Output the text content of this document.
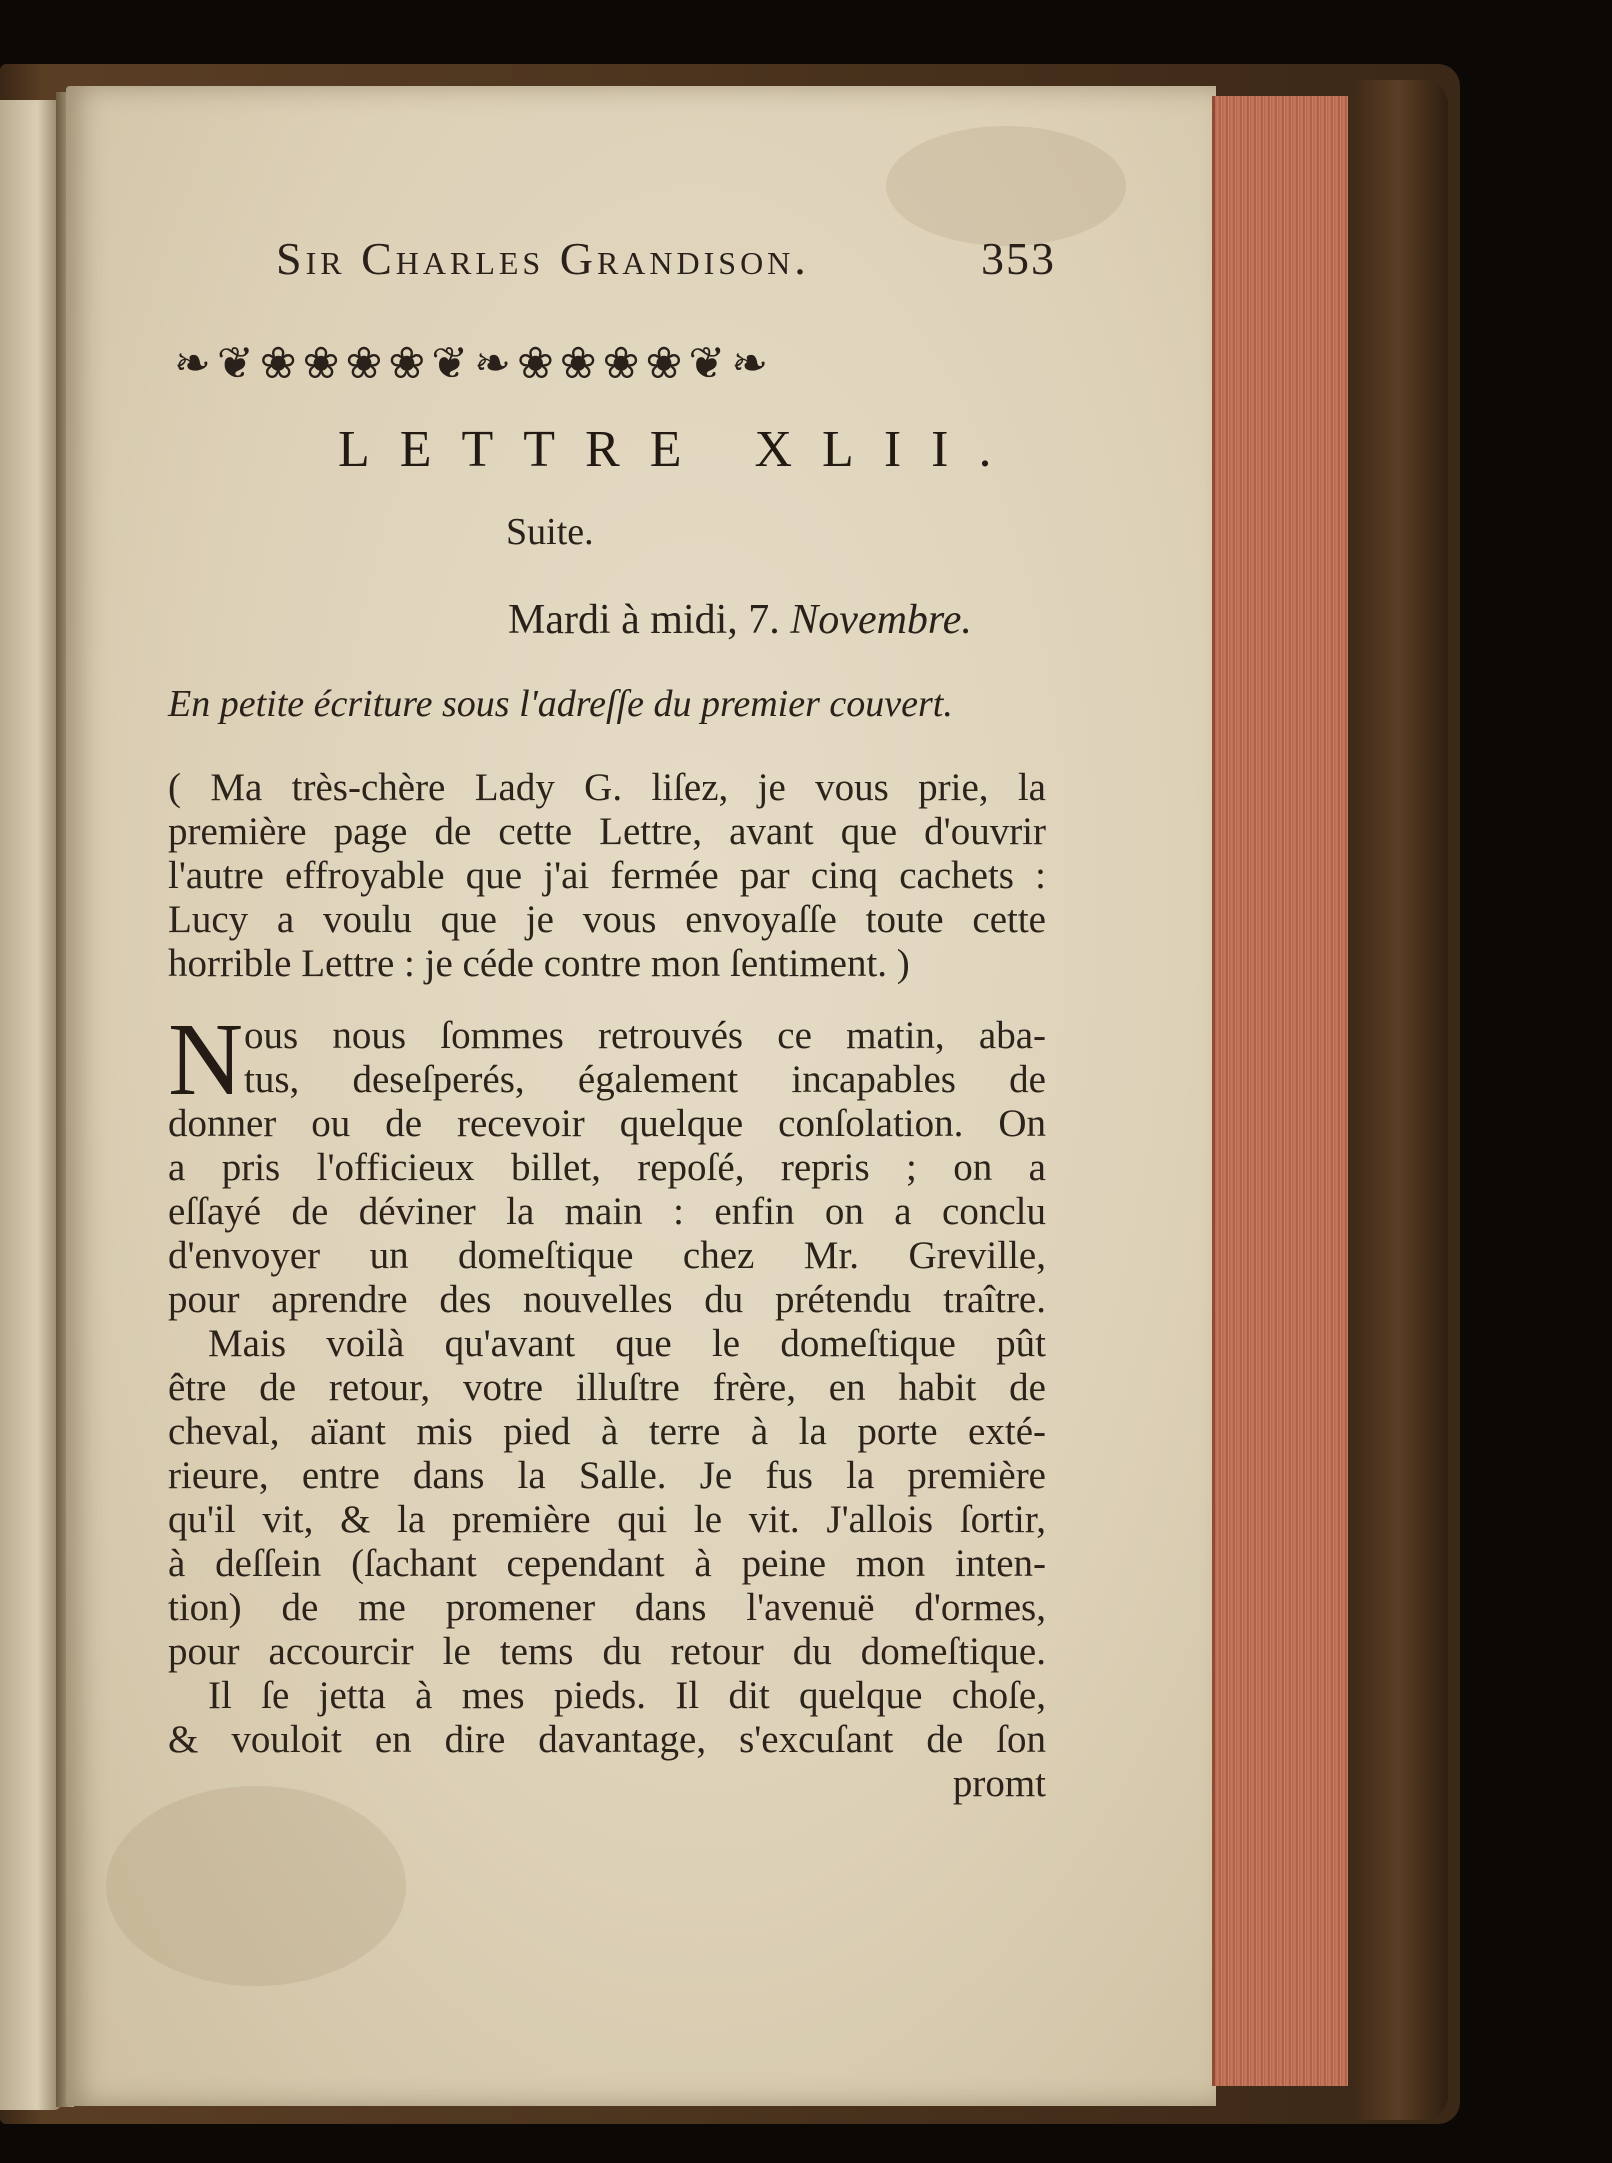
Sir Charles Grandison.	353
❧❦❀❀❀❀❦❧❀❀❀❀❦❧
LETTRE XLII.
Suite.
Mardi à midi, 7. Novembre.
En petite écriture sous l'adreſſe du premier couvert.
( Ma très-chère Lady G. liſez, je vous prie, la
première page de cette Lettre, avant que d'ouvrir
l'autre effroyable que j'ai fermée par cinq cachets :
Lucy a voulu que je vous envoyaſſe toute cette
horrible Lettre : je céde contre mon ſentiment. )
N ous nous ſommes retrouvés ce matin, aba-
tus, deseſperés, également incapables de
donner ou de recevoir quelque conſolation. On
a pris l'officieux billet, repoſé, repris ; on a
eſſayé de déviner la main : enfin on a conclu
d'envoyer un domeſtique chez Mr. Greville,
pour aprendre des nouvelles du prétendu traître.
Mais voilà qu'avant que le domeſtique pût
être de retour, votre illuſtre frère, en habit de
cheval, aïant mis pied à terre à la porte exté-
rieure, entre dans la Salle. Je fus la première
qu'il vit, & la première qui le vit. J'allois ſortir,
à deſſein (ſachant cependant à peine mon inten-
tion) de me promener dans l'avenuë d'ormes,
pour accourcir le tems du retour du domeſtique.
Il ſe jetta à mes pieds. Il dit quelque choſe,
& vouloit en dire davantage, s'excuſant de ſon
promt
